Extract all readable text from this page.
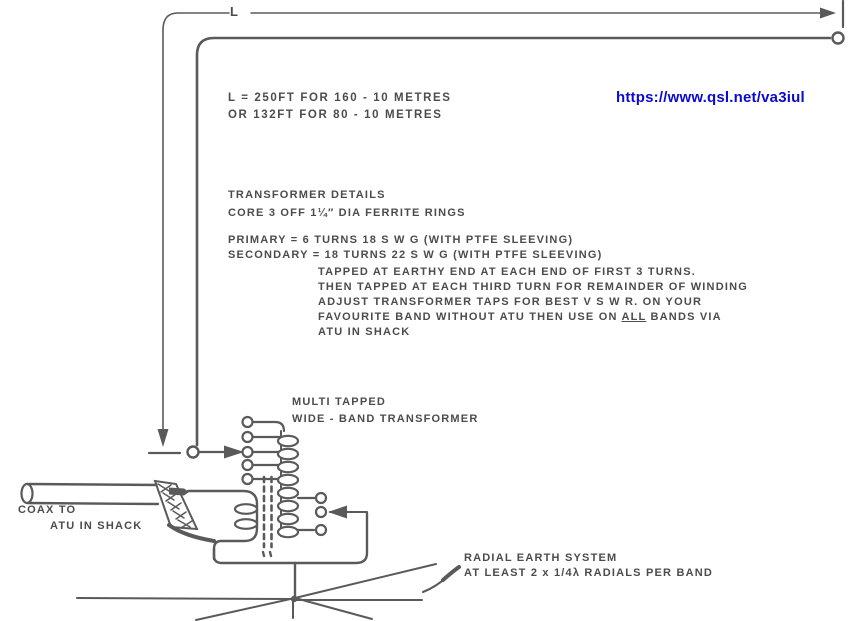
L
https://www.qsl.net/va3iul
L = 250FT FOR 160 - 10 METRES
OR 132FT FOR 80 - 10 METRES
TRANSFORMER DETAILS
CORE 3 OFF 1¼″ DIA FERRITE RINGS
PRIMARY = 6 TURNS 18 S W G (WITH PTFE SLEEVING)
SECONDARY = 18 TURNS 22 S W G (WITH PTFE SLEEVING)
TAPPED AT EARTHY END AT EACH END OF FIRST 3 TURNS.
THEN TAPPED AT EACH THIRD TURN FOR REMAINDER OF WINDING
ADJUST TRANSFORMER TAPS FOR BEST V S W R. ON YOUR
FAVOURITE BAND WITHOUT ATU THEN USE ON ALL BANDS VIA
ATU IN SHACK
MULTI TAPPED
WIDE - BAND TRANSFORMER
COAX TO
ATU IN SHACK
RADIAL EARTH SYSTEM
AT LEAST 2 x 1/4λ RADIALS PER BAND
